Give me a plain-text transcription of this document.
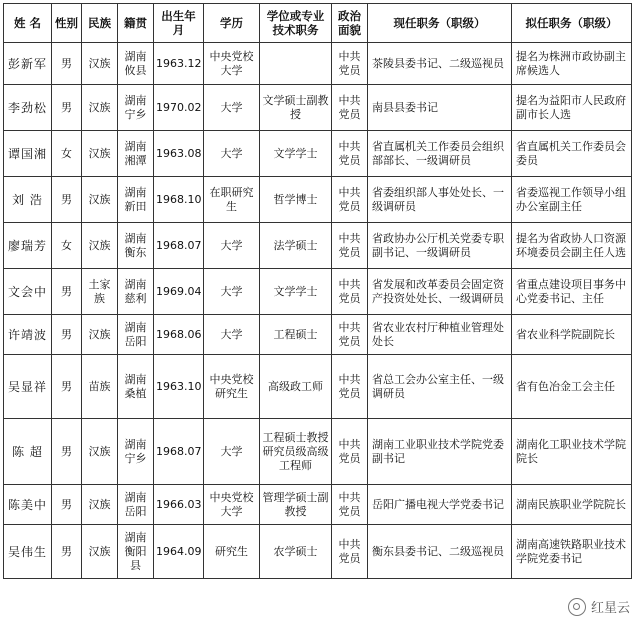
姓 名	性别	民族	籍贯	出生年月	学历	学位或专业技术职务	政治面貌	现任职务（职级）	拟任职务（职级）
彭新军	男	汉族	湖南攸县	1963.12	中央党校大学		中共党员	茶陵县委书记、二级巡视员	提名为株洲市政协副主席候选人
李劲松	男	汉族	湖南宁乡	1970.02	大学	文学硕士副教授	中共党员	南县县委书记	提名为益阳市人民政府副市长人选
谭国湘	女	汉族	湖南湘潭	1963.08	大学	文学学士	中共党员	省直属机关工作委员会组织部部长、一级调研员	省直属机关工作委员会委员
刘 浩	男	汉族	湖南新田	1968.10	在职研究生	哲学博士	中共党员	省委组织部人事处处长、一级调研员	省委巡视工作领导小组办公室副主任
廖瑞芳	女	汉族	湖南衡东	1968.07	大学	法学硕士	中共党员	省政协办公厅机关党委专职副书记、一级调研员	提名为省政协人口资源环境委员会副主任人选
文会中	男	土家族	湖南慈利	1969.04	大学	文学学士	中共党员	省发展和改革委员会固定资产投资处处长、一级调研员	省重点建设项目事务中心党委书记、主任
许靖波	男	汉族	湖南岳阳	1968.06	大学	工程硕士	中共党员	省农业农村厅种植业管理处处长	省农业科学院副院长
吴显祥	男	苗族	湖南桑植	1963.10	中央党校研究生	高级政工师	中共党员	省总工会办公室主任、一级调研员	省有色冶金工会主任
陈 超	男	汉族	湖南宁乡	1968.07	大学	工程硕士教授研究员级高级工程师	中共党员	湖南工业职业技术学院党委副书记	湖南化工职业技术学院院长
陈美中	男	汉族	湖南岳阳	1966.03	中央党校大学	管理学硕士副教授	中共党员	岳阳广播电视大学党委书记	湖南民族职业学院院长
吴伟生	男	汉族	湖南衡阳县	1964.09	研究生	农学硕士	中共党员	衡东县委书记、二级巡视员	湖南高速铁路职业技术学院党委书记
红星云
